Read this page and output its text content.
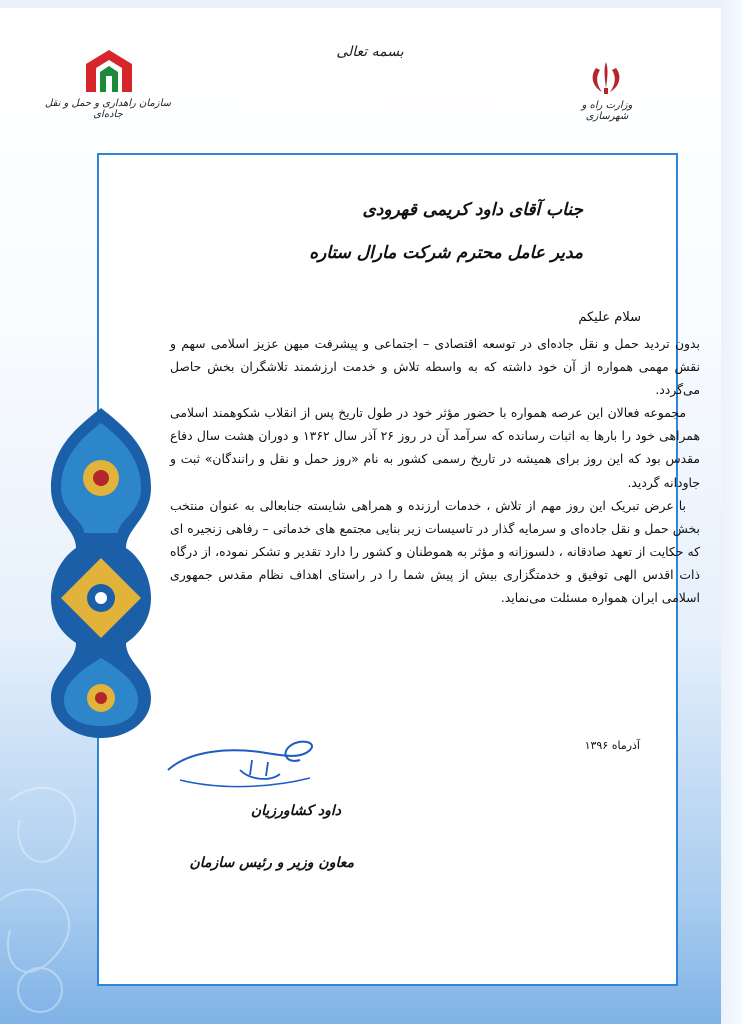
بسمه تعالی
سازمان راهداری و حمل و نقل جاده‌ای
وزارت راه و شهرسازی
جناب آقای داود کریمی قهرودی
مدیر عامل محترم شرکت مارال ستاره
سلام علیکم

بدون تردید حمل و نقل جاده‌ای در توسعه اقتصادی – اجتماعی و پیشرفت میهن عزیز اسلامی سهم و نقش مهمی همواره از آن خود داشته که به واسطه تلاش و خدمت ارزشمند تلاشگران بخش حاصل می‌گردد.

مجموعه فعالان این عرصه همواره با حضور مؤثر خود در طول تاریخ پس از انقلاب شکوهمند اسلامی همراهی خود را بارها به اثبات رسانده که سرآمد آن در روز ۲۶ آذر سال ۱۳۶۲ و دوران هشت سال دفاع مقدس بود که این روز برای همیشه در تاریخ رسمی کشور به نام «روز حمل و نقل و رانندگان» ثبت و جاودانه گردید.

با عرض تبریک این روز مهم از تلاش ، خدمات ارزنده و همراهی شایسته جنابعالی به عنوان منتخب بخش حمل و نقل جاده‌ای و سرمایه گذار در تاسیسات زیر بنایی مجتمع های خدماتی – رفاهی زنجیره ای که حکایت از تعهد صادقانه ، دلسوزانه و مؤثر به هموطنان و کشور را دارد تقدیر و تشکر نموده، از درگاه ذات اقدس الهی توفیق و خدمتگزاری بیش از پیش شما را در راستای اهداف نظام مقدس جمهوری اسلامی ایران همواره مسئلت می‌نماید.

آذرماه ۱۳۹۶
داود کشاورزیان
معاون وزیر و رئیس سازمان
